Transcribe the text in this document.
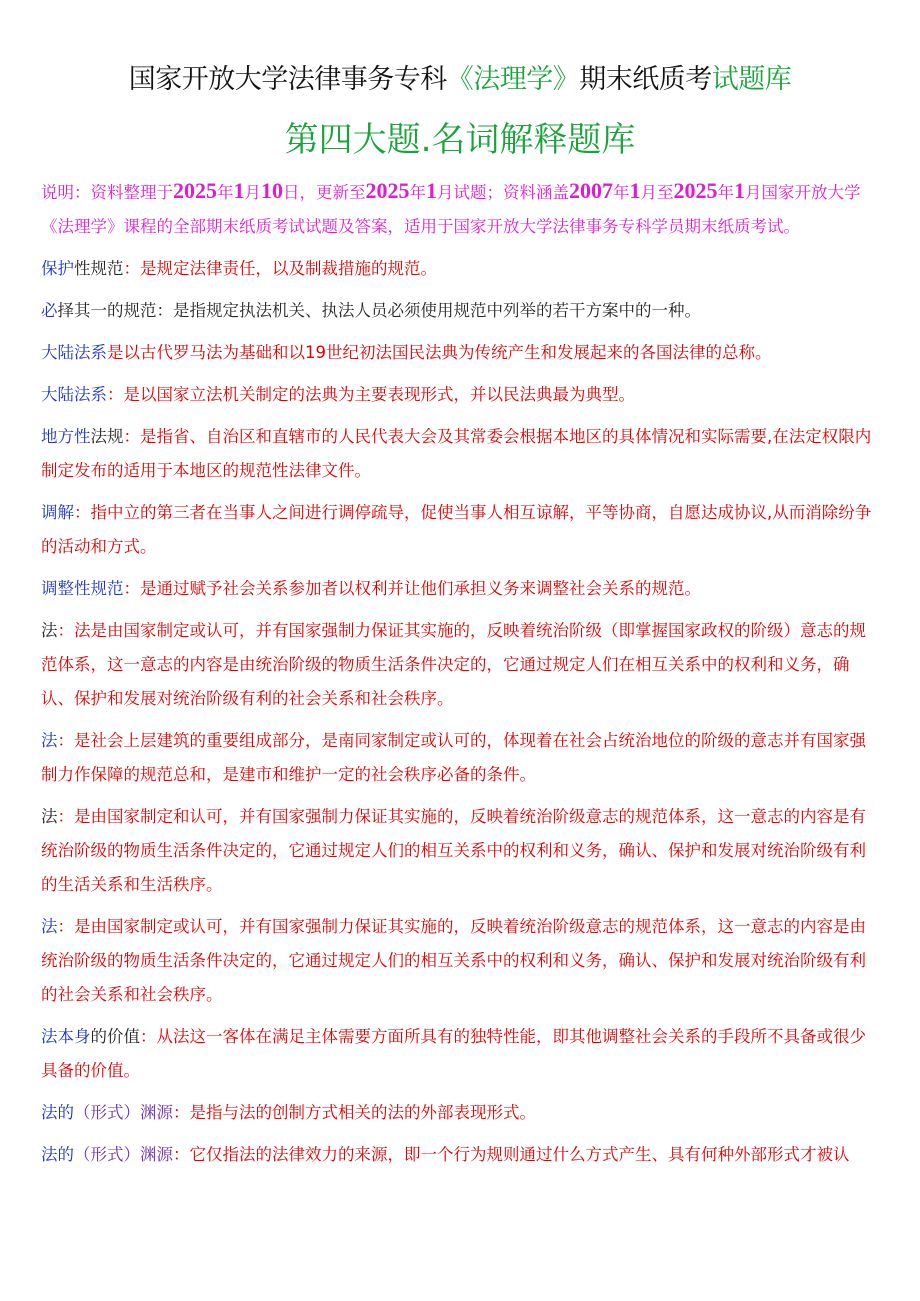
国家开放大学法律事务专科《法理学》期末纸质考试题库
第四大题.名词解释题库

说明：资料整理于2025年1月10日，更新至2025年1月试题；资料涵盖2007年1月至2025年1月国家开放大学《法理学》课程的全部期末纸质考试试题及答案，适用于国家开放大学法律事务专科学员期末纸质考试。

保护性规范：是规定法律责任，以及制裁措施的规范。

必择其一的规范：是指规定执法机关、执法人员必须使用规范中列举的若干方案中的一种。

大陆法系是以古代罗马法为基础和以19世纪初法国民法典为传统产生和发展起来的各国法律的总称。

大陆法系：是以国家立法机关制定的法典为主要表现形式，并以民法典最为典型。

地方性法规：是指省、自治区和直辖市的人民代表大会及其常委会根据本地区的具体情况和实际需要,在法定权限内制定发布的适用于本地区的规范性法律文件。

调解：指中立的第三者在当事人之间进行调停疏导，促使当事人相互谅解，平等协商，自愿达成协议,从而消除纷争的活动和方式。

调整性规范：是通过赋予社会关系参加者以权利并让他们承担义务来调整社会关系的规范。

法：法是由国家制定或认可，并有国家强制力保证其实施的，反映着统治阶级（即掌握国家政权的阶级）意志的规范体系，这一意志的内容是由统治阶级的物质生活条件决定的，它通过规定人们在相互关系中的权利和义务，确认、保护和发展对统治阶级有利的社会关系和社会秩序。

法：是社会上层建筑的重要组成部分，是南同家制定或认可的，体现着在社会占统治地位的阶级的意志并有国家强制力作保障的规范总和，是建市和维护一定的社会秩序必备的条件。

法：是由国家制定和认可，并有国家强制力保证其实施的，反映着统治阶级意志的规范体系，这一意志的内容是有统治阶级的物质生活条件决定的，它通过规定人们的相互关系中的权利和义务，确认、保护和发展对统治阶级有利的生活关系和生活秩序。

法：是由国家制定或认可，并有国家强制力保证其实施的，反映着统治阶级意志的规范体系，这一意志的内容是由统治阶级的物质生活条件决定的，它通过规定人们的相互关系中的权利和义务，确认、保护和发展对统治阶级有利的社会关系和社会秩序。

法本身的价值：从法这一客体在满足主体需要方面所具有的独特性能，即其他调整社会关系的手段所不具备或很少具备的价值。

法的（形式）渊源：是指与法的创制方式相关的法的外部表现形式。

法的（形式）渊源：它仅指法的法律效力的来源，即一个行为规则通过什么方式产生、具有何种外部形式才被认
